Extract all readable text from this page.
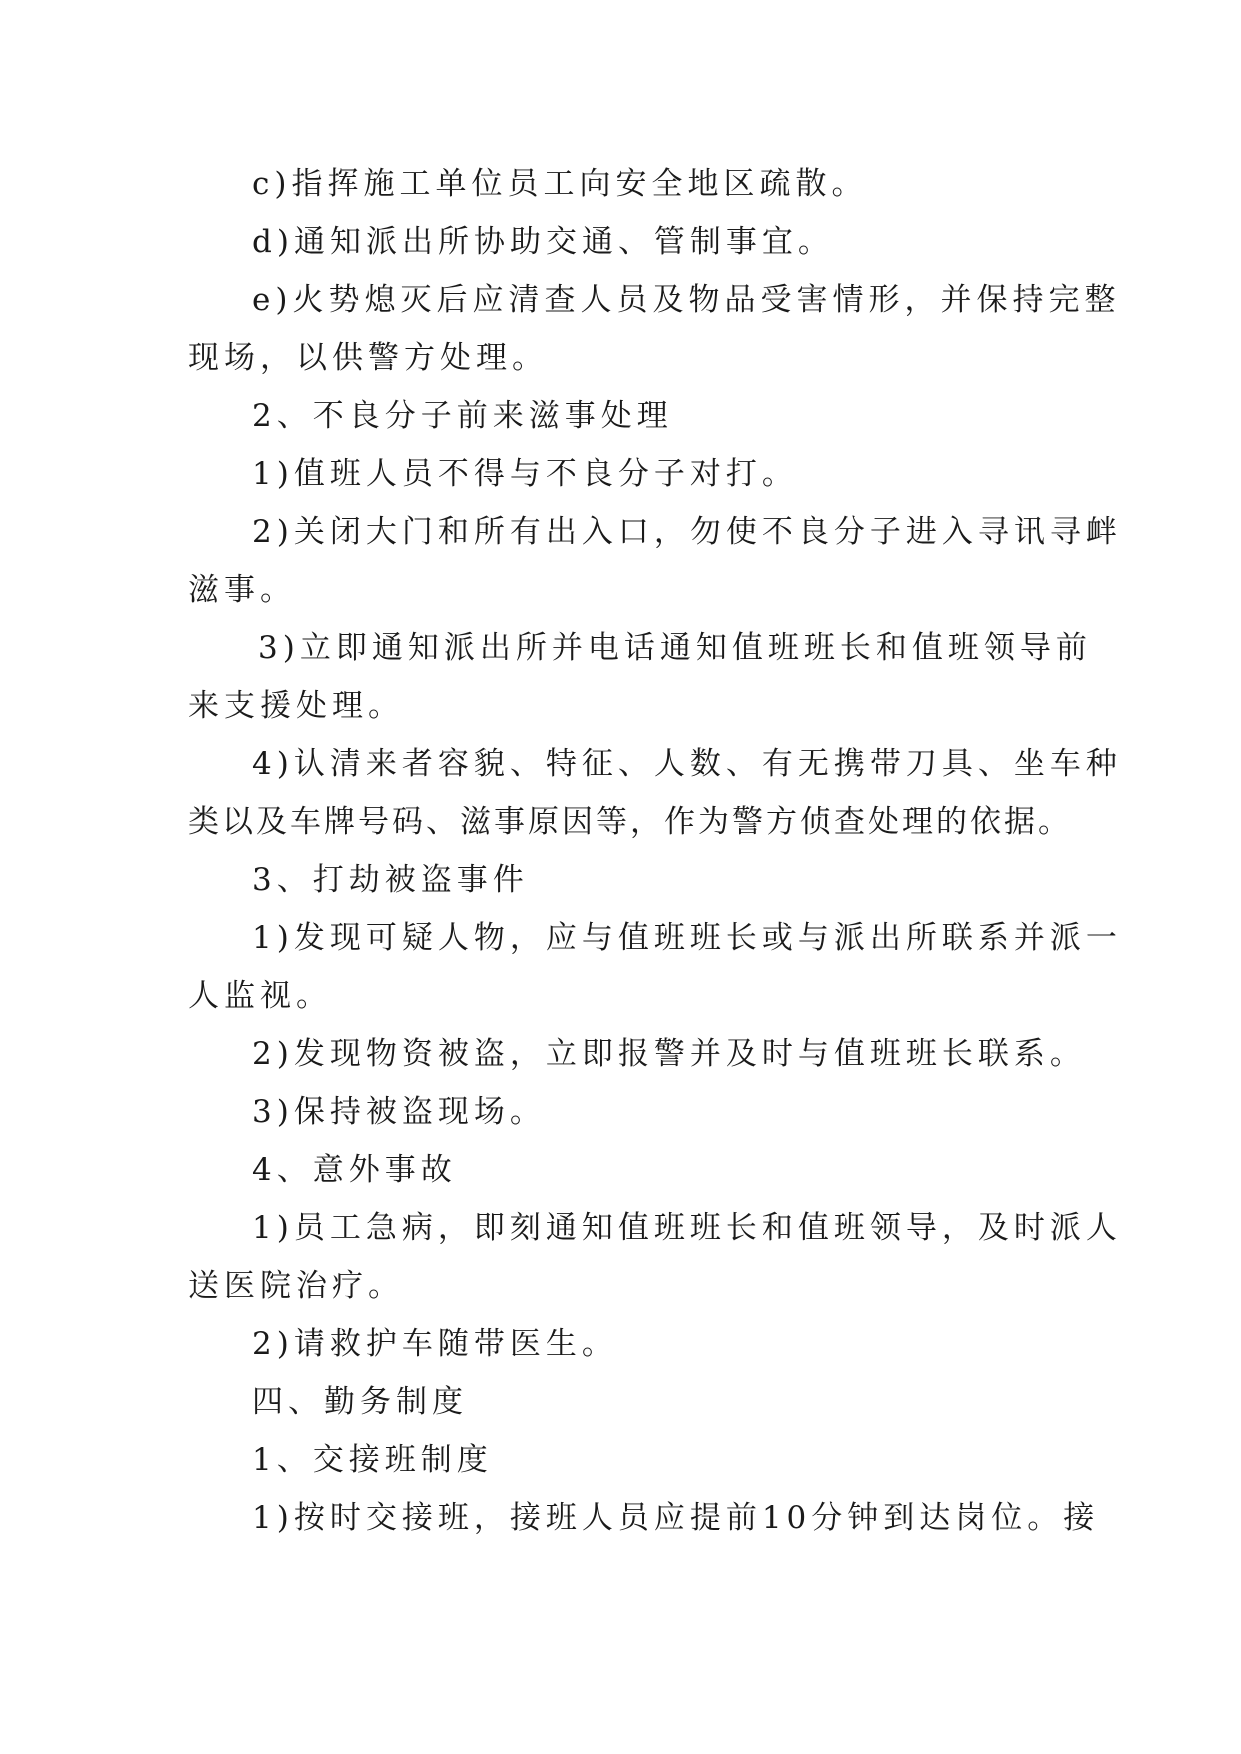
c)指挥施工单位员工向安全地区疏散。
d)通知派出所协助交通、管制事宜。
e)火势熄灭后应清查人员及物品受害情形，并保持完整
现场，以供警方处理。
2、不良分子前来滋事处理
1)值班人员不得与不良分子对打。
2)关闭大门和所有出入口，勿使不良分子进入寻讯寻衅
滋事。
3)立即通知派出所并电话通知值班班长和值班领导前
来支援处理。
4)认清来者容貌、特征、人数、有无携带刀具、坐车种
类以及车牌号码、滋事原因等，作为警方侦查处理的依据。
3、打劫被盗事件
1)发现可疑人物，应与值班班长或与派出所联系并派一
人监视。
2)发现物资被盗，立即报警并及时与值班班长联系。
3)保持被盗现场。
4、意外事故
1)员工急病，即刻通知值班班长和值班领导，及时派人
送医院治疗。
2)请救护车随带医生。
四、勤务制度
1、交接班制度
1)按时交接班，接班人员应提前10分钟到达岗位。接
